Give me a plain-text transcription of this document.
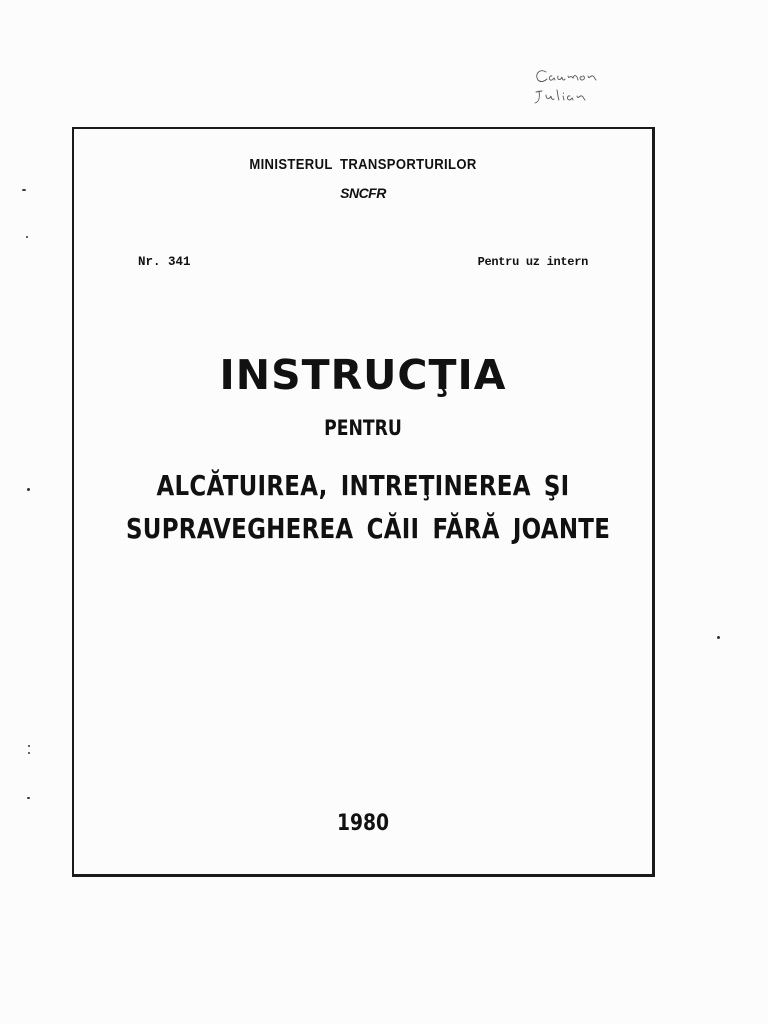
MINISTERUL TRANSPORTURILOR
SNCFR
Nr. 341	Pentru uz intern
INSTRUCŢIA
PENTRU
ALCĂTUIREA, INTREŢINEREA ŞI
SUPRAVEGHEREA CĂII FĂRĂ JOANTE
1980
